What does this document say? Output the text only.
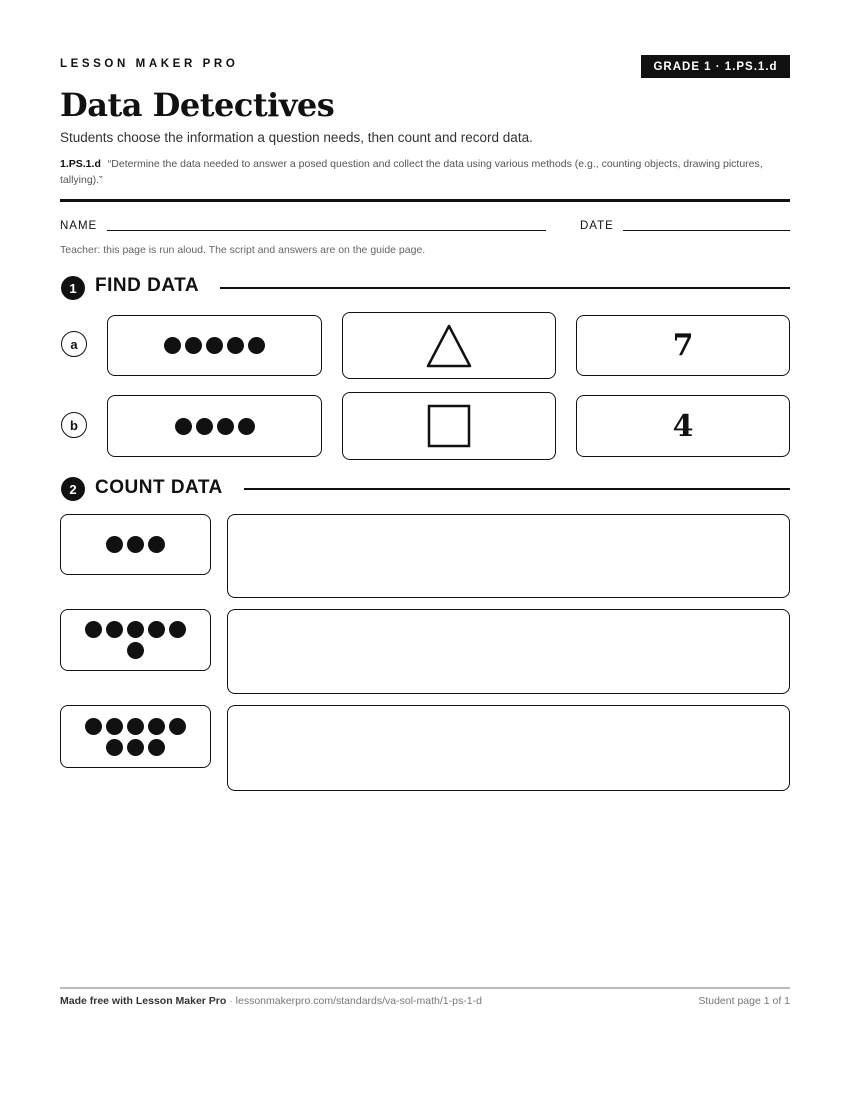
LESSON MAKER PRO	GRADE 1 · 1.PS.1.d
Data Detectives
Students choose the information a question needs, then count and record data.
1.PS.1.d “Determine the data needed to answer a posed question and collect the data using various methods (e.g., counting objects, drawing pictures, tallying).”
NAME	DATE
Teacher: this page is run aloud. The script and answers are on the guide page.
1 FIND DATA
a	7
b	4
2 COUNT DATA
Made free with Lesson Maker Pro · lessonmakerpro.com/standards/va-sol-math/1-ps-1-d	Student page 1 of 1
